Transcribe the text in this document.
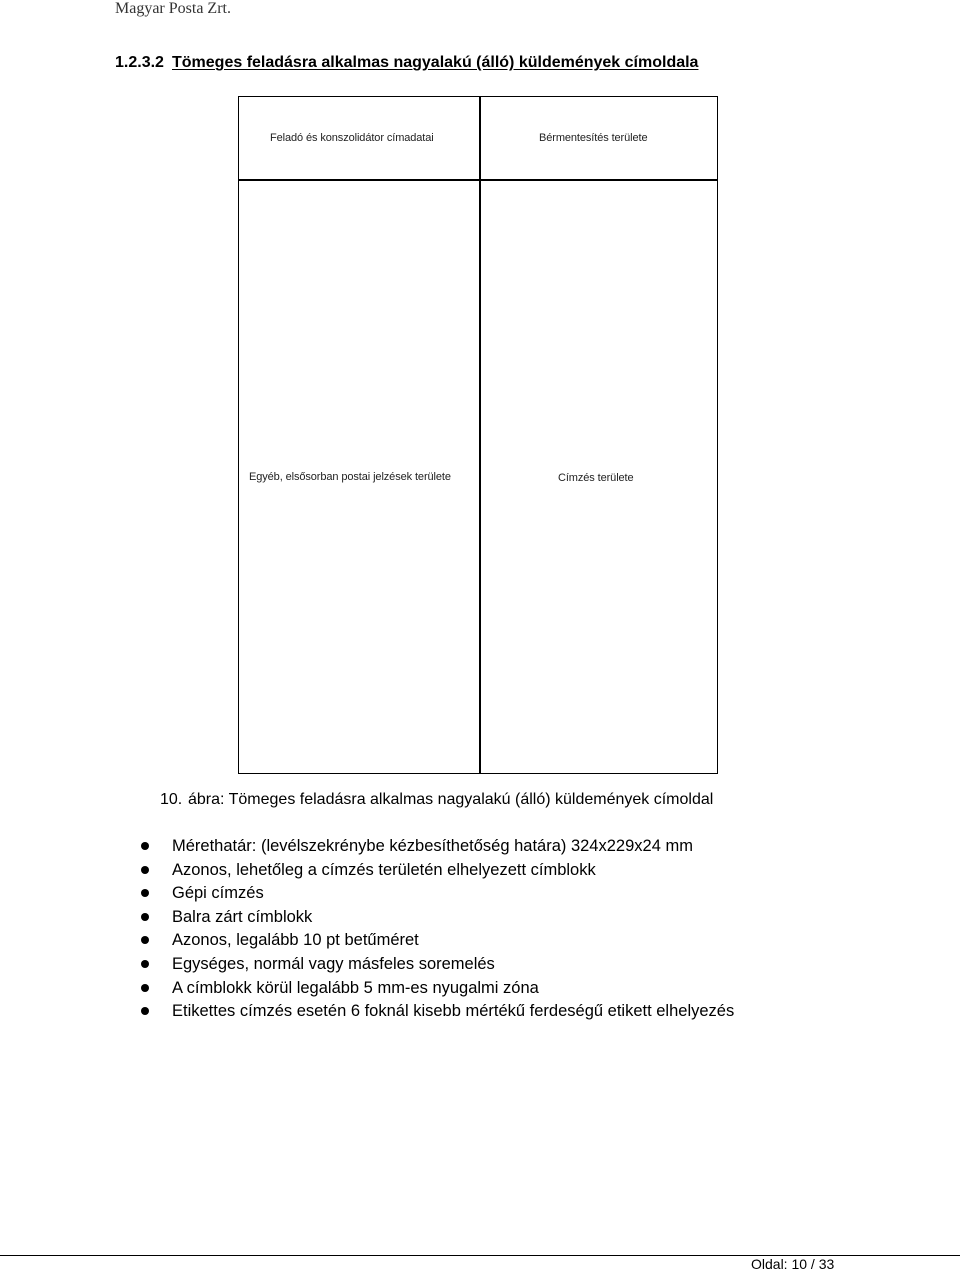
Magyar Posta Zrt.
1.2.3.2 Tömeges feladásra alkalmas nagyalakú (álló) küldemények címoldala
Feladó és konszolidátor címadatai	Bérmentesítés területe
Egyéb, elsősorban postai jelzések területe	Címzés területe
10. ábra: Tömeges feladásra alkalmas nagyalakú (álló) küldemények címoldal
Mérethatár: (levélszekrénybe kézbesíthetőség határa) 324x229x24 mm
Azonos, lehetőleg a címzés területén elhelyezett címblokk
Gépi címzés
Balra zárt címblokk
Azonos, legalább 10 pt betűméret
Egységes, normál vagy másfeles soremelés
A címblokk körül legalább 5 mm-es nyugalmi zóna
Etikettes címzés esetén 6 foknál kisebb mértékű ferdeségű etikett elhelyezés
Oldal: 10 / 33
